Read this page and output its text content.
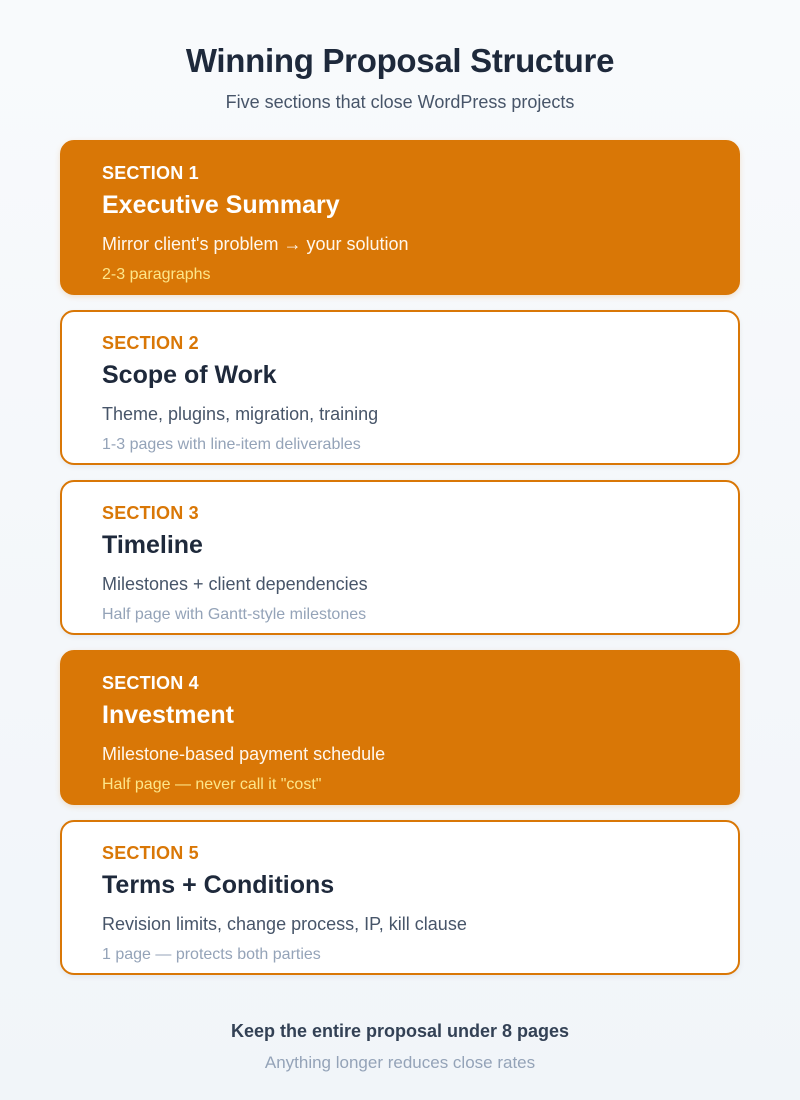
Winning Proposal Structure

Five sections that close WordPress projects

SECTION 1
Executive Summary
Mirror client's problem → your solution
2-3 paragraphs
SECTION 2
Scope of Work
Theme, plugins, migration, training
1-3 pages with line-item deliverables
SECTION 3
Timeline
Milestones + client dependencies
Half page with Gantt-style milestones
SECTION 4
Investment
Milestone-based payment schedule
Half page — never call it "cost"
SECTION 5
Terms + Conditions
Revision limits, change process, IP, kill clause
1 page — protects both parties

Keep the entire proposal under 8 pages

Anything longer reduces close rates
